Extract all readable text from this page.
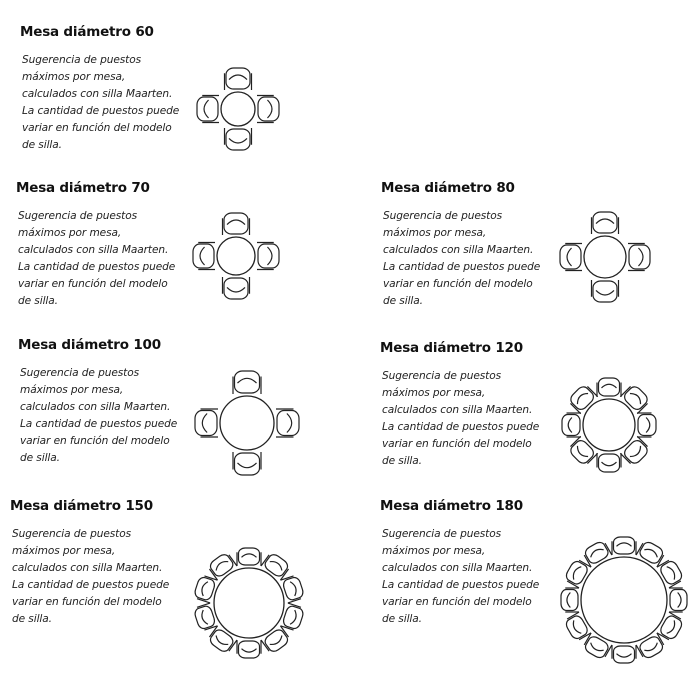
Mesa diámetro 60

Sugerencia de puestos máximos por mesa, calculados con silla Maarten. La cantidad de puestos puede variar en función del modelo de silla.

Mesa diámetro 70

Sugerencia de puestos máximos por mesa, calculados con silla Maarten. La cantidad de puestos puede variar en función del modelo de silla.

Mesa diámetro 80

Sugerencia de puestos máximos por mesa, calculados con silla Maarten. La cantidad de puestos puede variar en función del modelo de silla.

Mesa diámetro 100

Sugerencia de puestos máximos por mesa, calculados con silla Maarten. La cantidad de puestos puede variar en función del modelo de silla.

Mesa diámetro 120

Sugerencia de puestos máximos por mesa, calculados con silla Maarten. La cantidad de puestos puede variar en función del modelo de silla.

Mesa diámetro 150

Sugerencia de puestos máximos por mesa, calculados con silla Maarten. La cantidad de puestos puede variar en función del modelo de silla.

Mesa diámetro 180

Sugerencia de puestos máximos por mesa, calculados con silla Maarten. La cantidad de puestos puede variar en función del modelo de silla.
